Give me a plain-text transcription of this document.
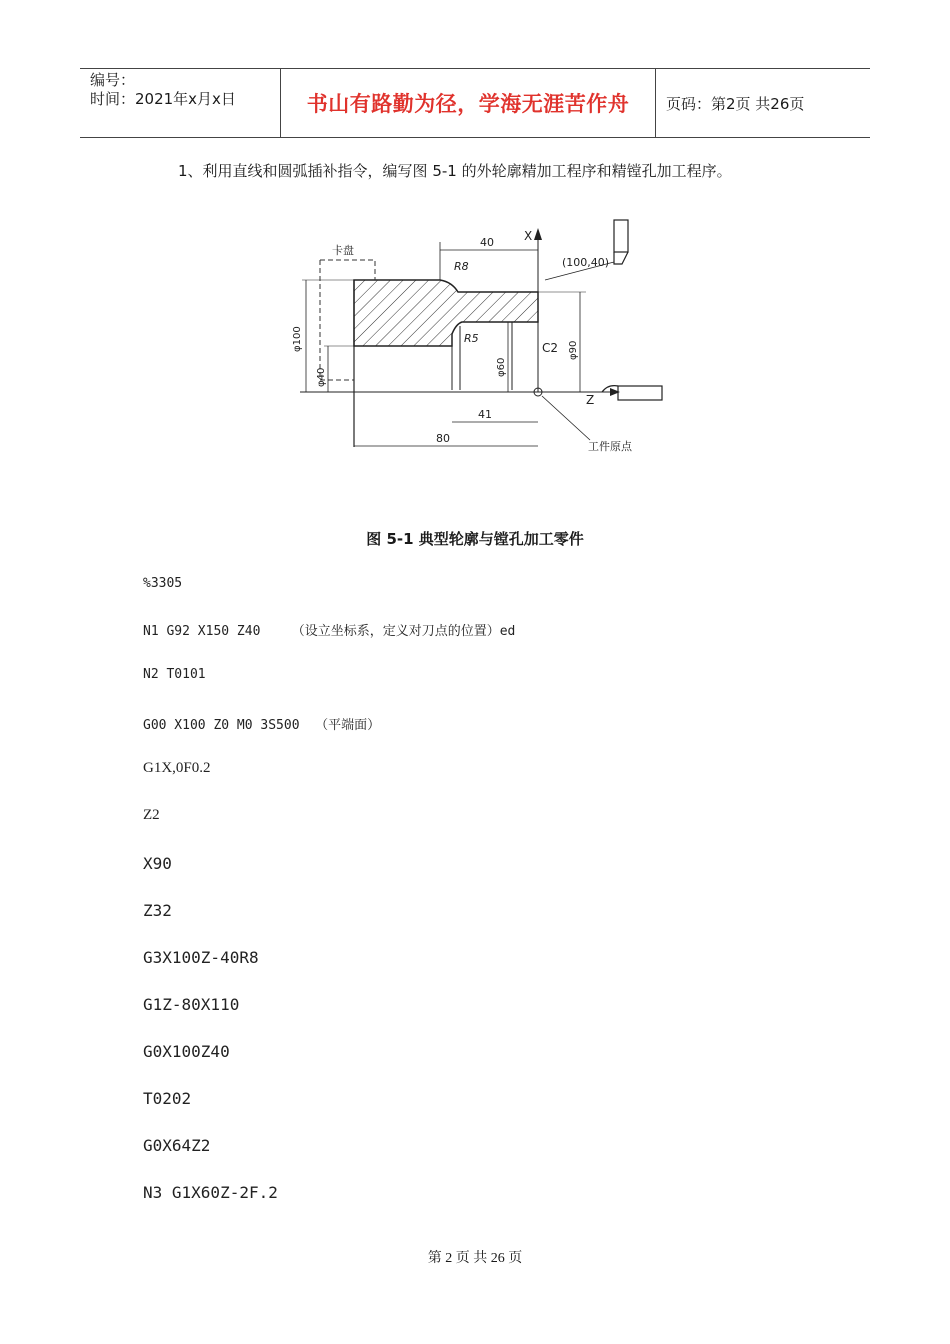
编号：
时间：2021年x月x日	书山有路勤为径，学海无涯苦作舟	页码：第2页 共26页
1、利用直线和圆弧插补指令，编写图 5-1 的外轮廓精加工程序和精镗孔加工程序。
卡盘
40	X
(100,40)
R8
R5
C2
φ100
φ40
φ60
φ90
Z
41
80
工件原点
图 5-1 典型轮廓与镗孔加工零件
%3305
N1 G92 X150 Z40    （设立坐标系，定义对刀点的位置）ed
N2 T0101
G00 X100 Z0 M0 3S500  （平端面）
G1X,0F0.2
Z2
X90
Z32
G3X100Z-40R8
G1Z-80X110
G0X100Z40
T0202
G0X64Z2
N3 G1X60Z-2F.2
第 2 页 共 26 页
